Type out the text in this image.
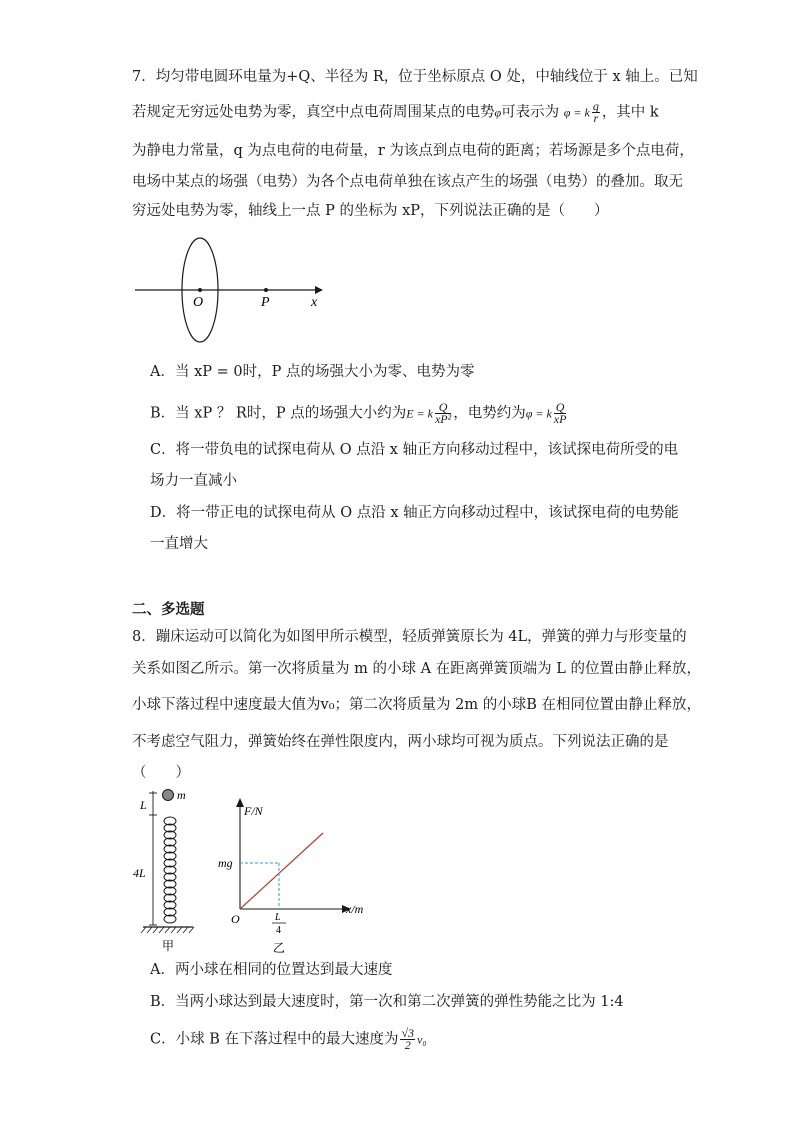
7．均匀带电圆环电量为+Q、半径为 R，位于坐标原点 O 处，中轴线位于 x 轴上。已知
若规定无穷远处电势为零，真空中点电荷周围某点的电势φ可表示为 φ = k $\frac{q}{r}$ ，其中 k
为静电力常量，q 为点电荷的电荷量，r 为该点到点电荷的距离；若场源是多个点电荷，
电场中某点的场强（电势）为各个点电荷单独在该点产生的场强（电势）的叠加。取无
穷远处电势为零，轴线上一点 P 的坐标为 xP，下列说法正确的是（　　）
O	P	x
A．当 xP = 0时，P 点的场强大小为零、电势为零
B．当 xP ？ R时，P 点的场强大小约为E = k $\frac{Q}{\text{xP²}}$ ，电势约为φ = k $\frac{Q}{xP}$
C．将一带负电的试探电荷从 O 点沿 x 轴正方向移动过程中，该试探电荷所受的电
场力一直减小
D．将一带正电的试探电荷从 O 点沿 x 轴正方向移动过程中，该试探电荷的电势能
一直增大
二、多选题
8．蹦床运动可以简化为如图甲所示模型，轻质弹簧原长为 4L，弹簧的弹力与形变量的
关系如图乙所示。第一次将质量为 m 的小球 A 在距离弹簧顶端为 L 的位置由静止释放，
小球下落过程中速度最大值为v₀；第二次将质量为 2m 的小球B 在相同位置由静止释放，
不考虑空气阻力，弹簧始终在弹性限度内，两小球均可视为质点。下列说法正确的是
（　　）
m
L
4L
甲
F/N
mg
O
x/m
L
4
乙
A．两小球在相同的位置达到最大速度
B．当两小球达到最大速度时，第一次和第二次弹簧的弹性势能之比为 1:4
C．小球 B 在下落过程中的最大速度为 $\frac{√3}{2} v_0$
